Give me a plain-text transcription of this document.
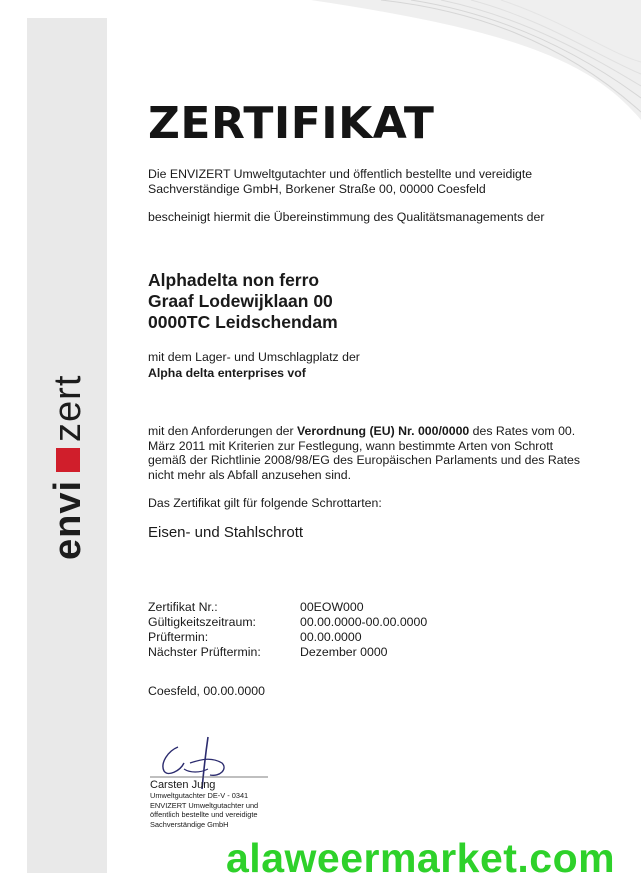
envi
zert
ZERTIFIKAT

Die ENVIZERT Umweltgutachter und öffentlich bestellte und vereidigte Sachverständige GmbH, Borkener Straße 00, 00000 Coesfeld

bescheinigt hiermit die Übereinstimmung des Qualitätsmanagements der

Alphadelta non ferro
Graaf Lodewijklaan 00
0000TC Leidschendam

mit dem Lager- und Umschlagplatz der

Alpha delta enterprises vof

mit den Anforderungen der Verordnung (EU) Nr. 000/0000 des Rates vom 00. März 2011 mit Kriterien zur Festlegung, wann bestimmte Arten von Schrott gemäß der Richtlinie 2008/98/EG des Europäischen Parlaments und des Rates nicht mehr als Abfall anzusehen sind.

Das Zertifikat gilt für folgende Schrottarten:

Eisen- und Stahlschrott
Zertifikat Nr.:	00EOW000
Gültigkeitszeitraum:	00.00.0000-00.00.0000
Prüftermin:	00.00.0000
Nächster Prüftermin:	Dezember 0000

Coesfeld, 00.00.0000

Carsten Jung
Umweltgutachter DE-V - 0341
ENVIZERT Umweltgutachter und
öffentlich bestellte und vereidigte
Sachverständige GmbH
alaweermarket.com
